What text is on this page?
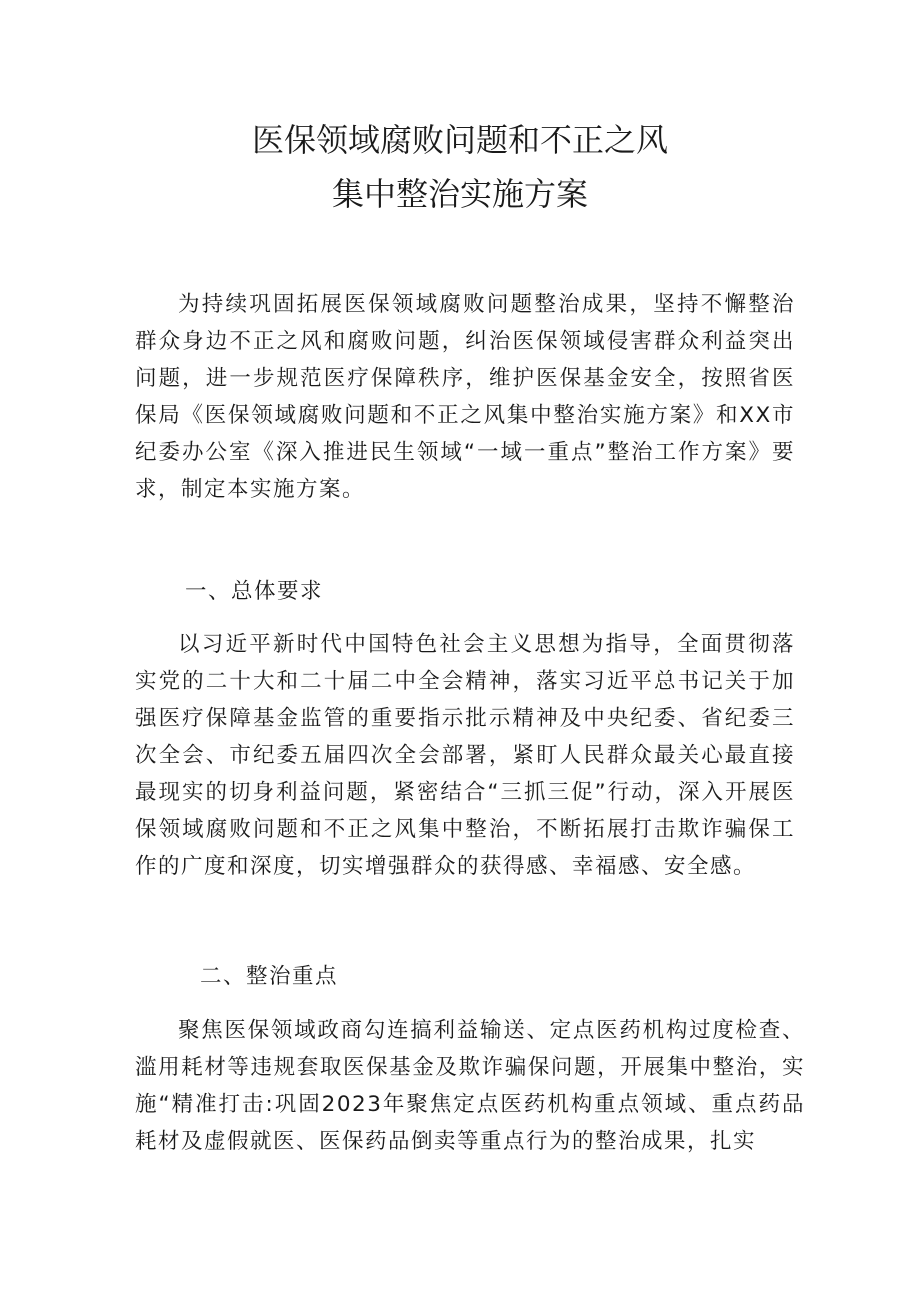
医保领域腐败问题和不正之风
集中整治实施方案

为持续巩固拓展医保领域腐败问题整治成果，坚持不懈整治群众身边不正之风和腐败问题，纠治医保领域侵害群众利益突出问题，进一步规范医疗保障秩序，维护医保基金安全，按照省医保局《医保领域腐败问题和不正之风集中整治实施方案》和XX市纪委办公室《深入推进民生领域“一域一重点”整治工作方案》要求，制定本实施方案。

一、总体要求

以习近平新时代中国特色社会主义思想为指导，全面贯彻落实党的二十大和二十届二中全会精神，落实习近平总书记关于加强医疗保障基金监管的重要指示批示精神及中央纪委、省纪委三次全会、市纪委五届四次全会部署，紧盯人民群众最关心最直接最现实的切身利益问题，紧密结合“三抓三促”行动，深入开展医保领域腐败问题和不正之风集中整治，不断拓展打击欺诈骗保工作的广度和深度，切实增强群众的获得感、幸福感、安全感。

二、整治重点

聚焦医保领域政商勾连搞利益输送、定点医药机构过度检查、滥用耗材等违规套取医保基金及欺诈骗保问题，开展集中整治，实施“精准打击:巩固2023年聚焦定点医药机构重点领域、重点药品耗材及虚假就医、医保药品倒卖等重点行为的整治成果，扎实
